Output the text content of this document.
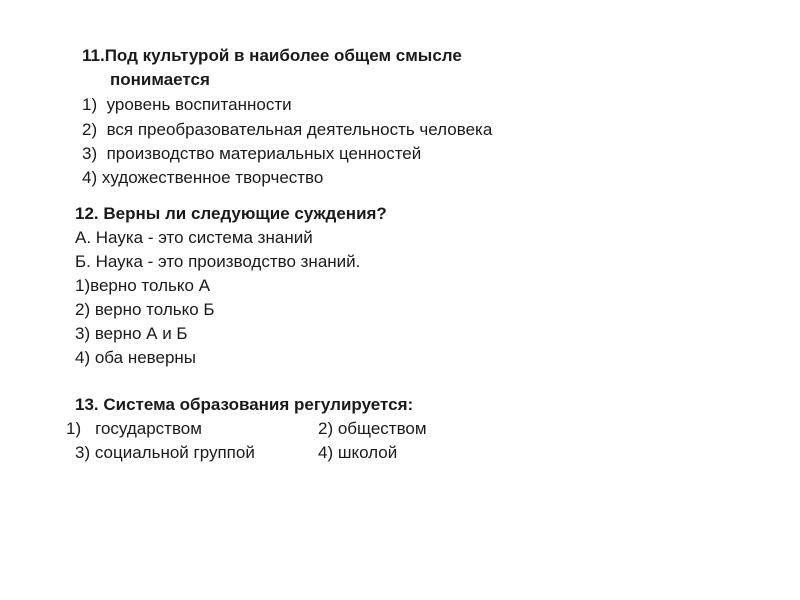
11.Под культурой в наиболее общем смысле
понимается
1) уровень воспитанности
2) вся преобразовательная деятельность человека
3) производство материальных ценностей
4) художественное творчество
12. Верны ли следующие суждения?
А. Наука - это система знаний
Б. Наука - это производство знаний.
1)верно только А
2) верно только Б
3) верно А и Б
4) оба неверны
13. Система образования регулируется:
1) государством	2) обществом
3) социальной группой	4) школой
